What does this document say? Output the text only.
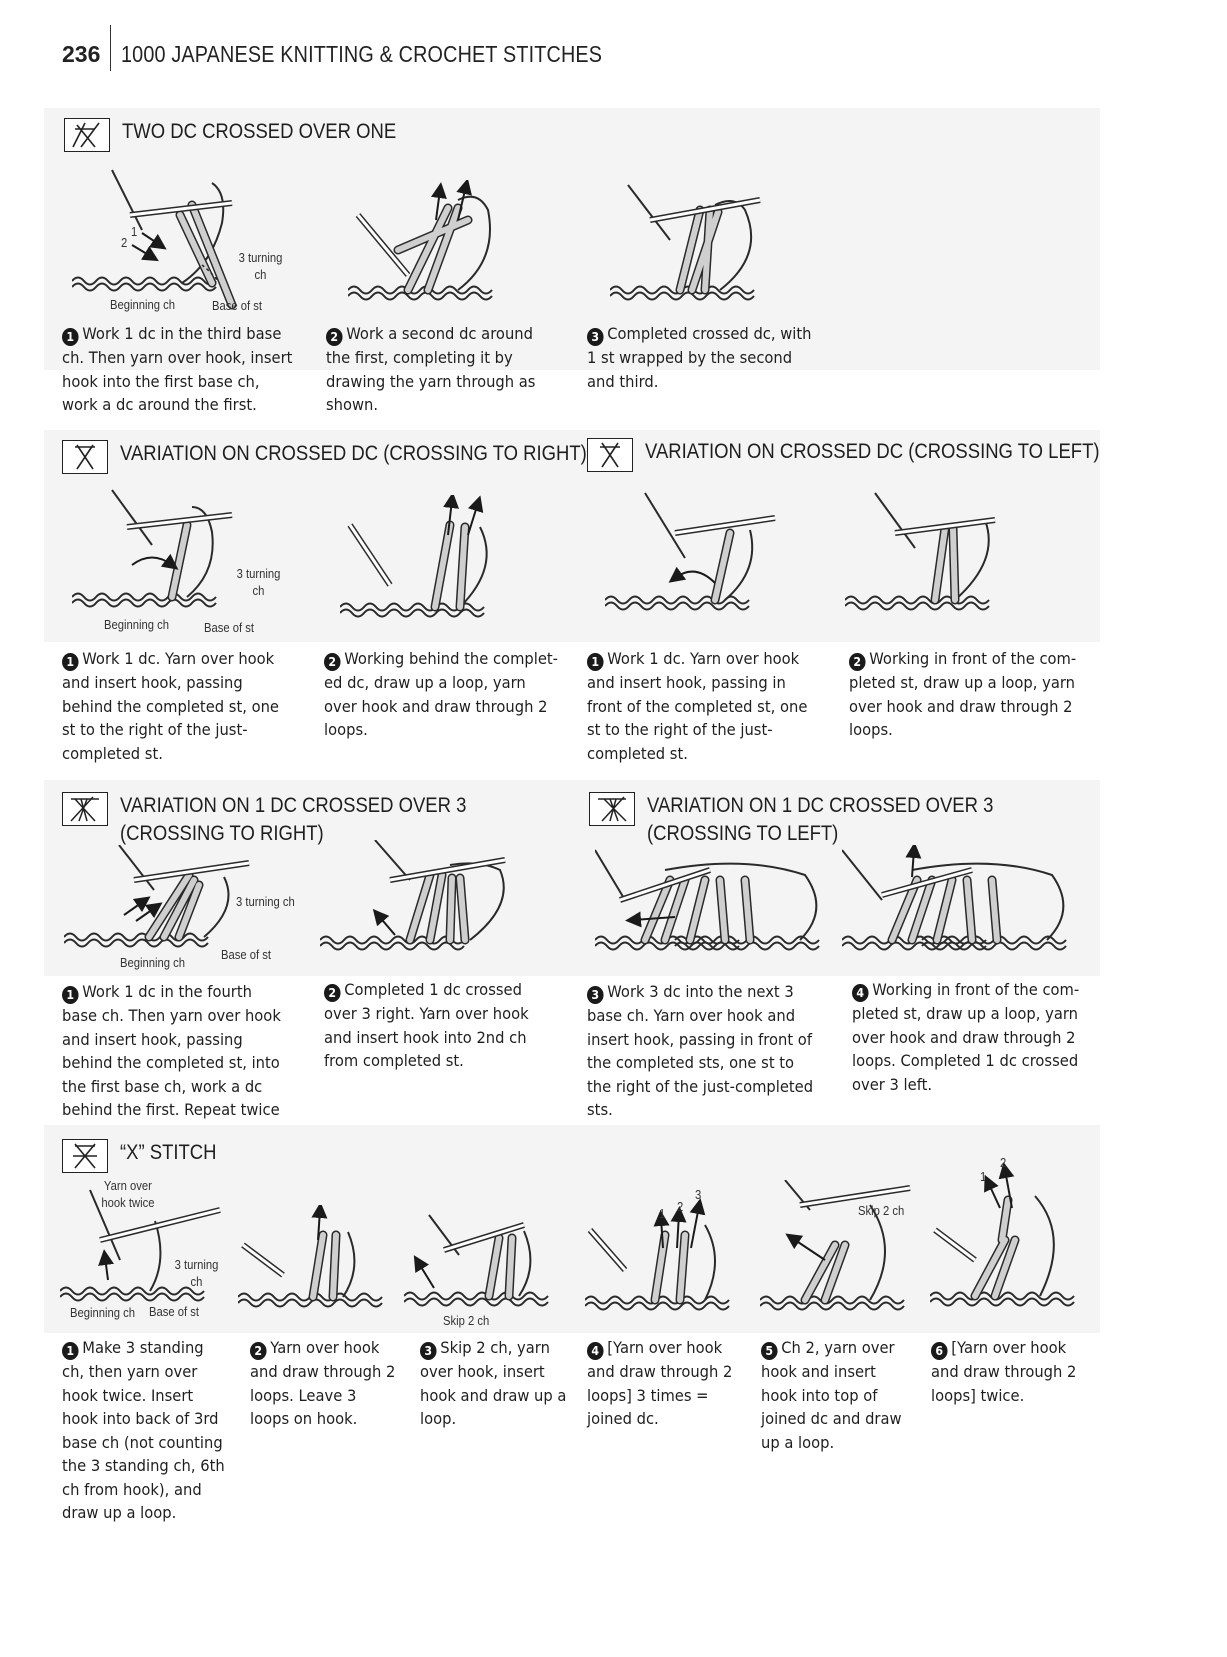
236 1000 JAPANESE KNITTING & CROCHET STITCHES
TWO DC CROSSED OVER ONE
1
2
3 turning ch
Beginning ch	Base of st

1 Work 1 dc in the third base ch. Then yarn over hook, insert hook into the first base ch, work a dc around the first.

2 Work a second dc around the first, completing it by drawing the yarn through as shown.

3 Completed crossed dc, with 1 st wrapped by the second and third.

VARIATION ON CROSSED DC (CROSSING TO RIGHT)	VARIATION ON CROSSED DC (CROSSING TO LEFT)
3 turning ch
Beginning ch	Base of st

1 Work 1 dc. Yarn over hook and insert hook, passing behind the completed st, one st to the right of the just-completed st.

2 Working behind the complet-ed dc, draw up a loop, yarn over hook and draw through 2 loops.

1 Work 1 dc. Yarn over hook and insert hook, passing in front of the completed st, one st to the right of the just-completed st.

2 Working in front of the com-pleted st, draw up a loop, yarn over hook and draw through 2 loops.

VARIATION ON 1 DC CROSSED OVER 3 (CROSSING TO RIGHT)
VARIATION ON 1 DC CROSSED OVER 3 (CROSSING TO LEFT)
3 turning ch
Beginning ch
Base of st

1 Work 1 dc in the fourth base ch. Then yarn over hook and insert hook, passing behind the completed st, into the first base ch, work a dc behind the first. Repeat twice

2 Completed 1 dc crossed over 3 right. Yarn over hook and insert hook into 2nd ch from completed st.

3 Work 3 dc into the next 3 base ch. Yarn over hook and insert hook, passing in front of the completed sts, one st to the right of the just-completed sts.

4 Working in front of the com-pleted st, draw up a loop, yarn over hook and draw through 2 loops. Completed 1 dc crossed over 3 left.

“X” STITCH
Yarn over hook twice
3 turning ch
Beginning ch Base of st
Skip 2 ch
1 2
3
Skip 2 ch
1
2

1 Make 3 standing ch, then yarn over hook twice. Insert hook into back of 3rd base ch (not counting the 3 standing ch, 6th ch from hook), and draw up a loop.

2 Yarn over hook and draw through 2 loops. Leave 3 loops on hook.

3 Skip 2 ch, yarn over hook, insert hook and draw up a loop.

4 [Yarn over hook and draw through 2 loops] 3 times = joined dc.

5 Ch 2, yarn over hook and insert hook into top of joined dc and draw up a loop.

6 [Yarn over hook and draw through 2 loops] twice.
